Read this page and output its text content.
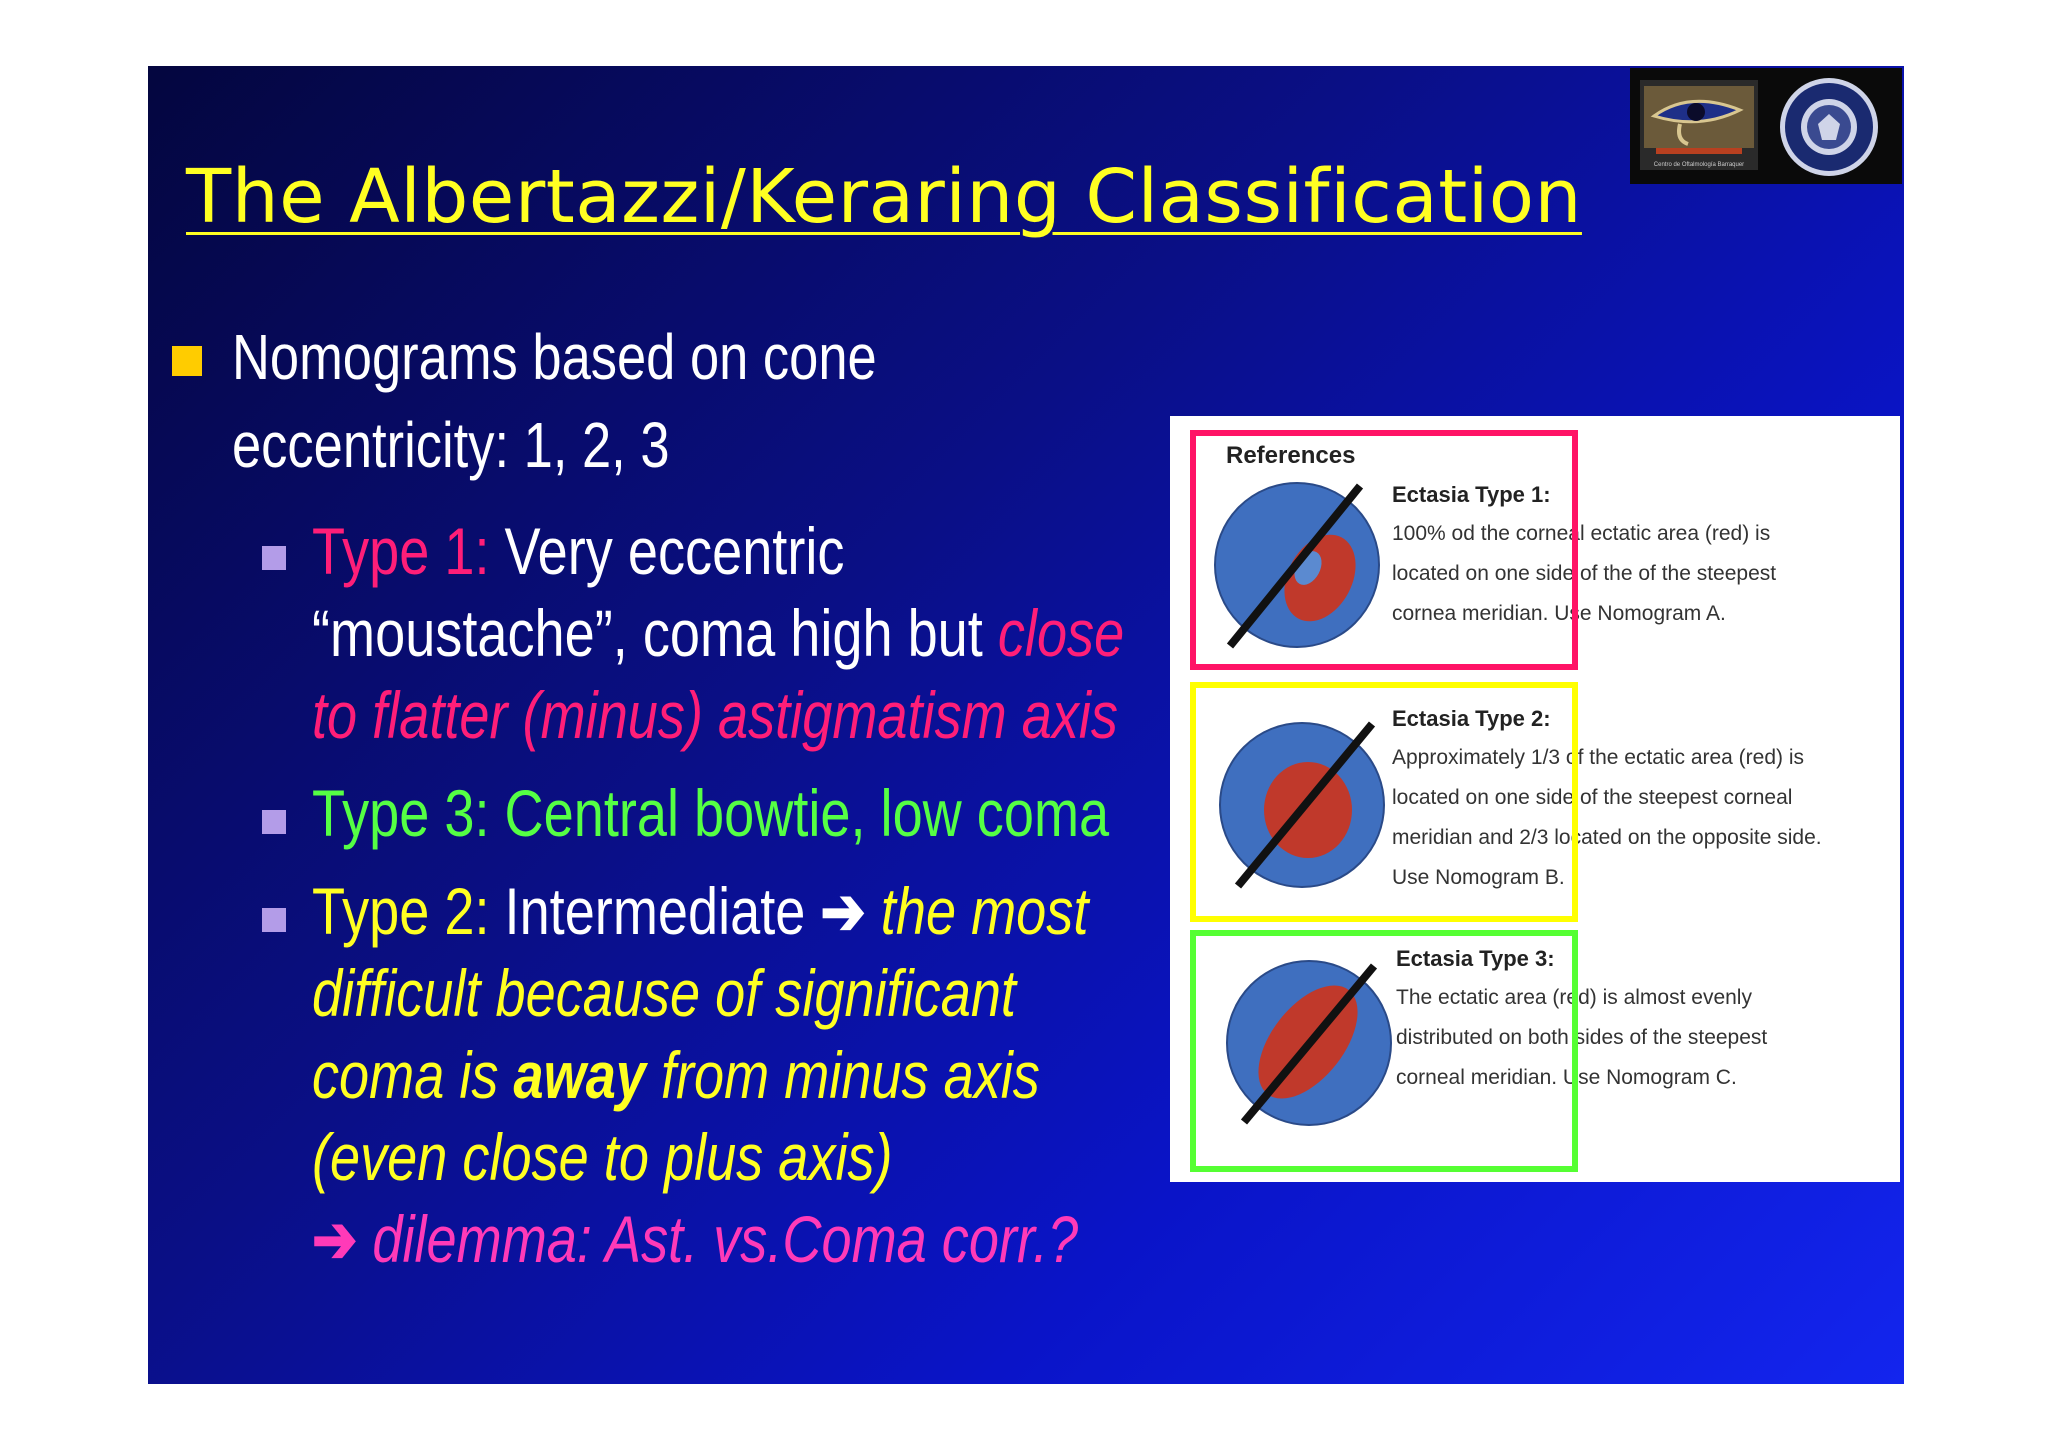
The Albertazzi/Keraring Classification	Centro de Oftalmología Barraquer
Nomograms based on cone
eccentricity: 1, 2, 3
Type 1: Very eccentric
“moustache”, coma high but close
to flatter (minus) astigmatism axis
Type 3: Central bowtie, low coma
Type 2: Intermediate ➔ the most
difficult because of significant
coma is away from minus axis
(even close to plus axis)
➔ dilemma: Ast. vs.Coma corr.?
References
Ectasia Type 1:
100% od the corneal ectatic area (red) is
located on one side of the of the steepest
cornea meridian. Use Nomogram A.
Ectasia Type 2:
Approximately 1/3 of the ectatic area (red) is
located on one side of the steepest corneal
meridian and 2/3 located on the opposite side.
Use Nomogram B.
Ectasia Type 3:
The ectatic area (red) is almost evenly
distributed on both sides of the steepest
corneal meridian. Use Nomogram C.
